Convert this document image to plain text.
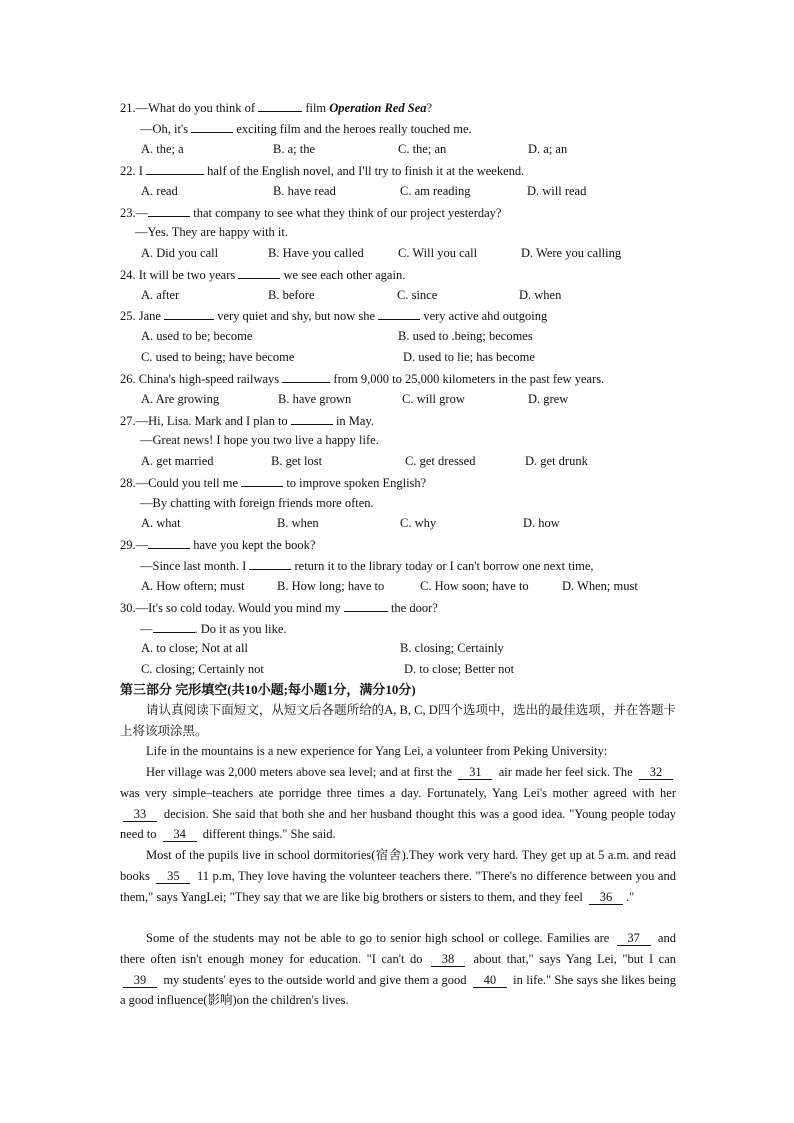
21.—What do you think of	film Operation Red Sea?
—Oh, it's	exciting film and the heroes really touched me.
A. the; a	B. a; the	C. the; an	D. a; an
22. I	half of the English novel, and I'll try to finish it at the weekend.
A. read	B. have read	C. am reading	D. will read
23.—	that company to see what they think of our project yesterday?
—Yes. They are happy with it.
A. Did you call	B. Have you called	C. Will you call	D. Were you calling
24. It will be two years	we see each other again.
A. after	B. before	C. since	D. when
25. Jane	very quiet and shy, but now she	very active ahd outgoing
A. used to be; become	B. used to .being; becomes
C. used to being; have become	D. used to lie; has become
26. China's high-speed railways	from 9,000 to 25,000 kilometers in the past few years.
A. Are growing	B. have grown	C. will grow	D. grew
27.—Hi, Lisa. Mark and I plan to	in May.
—Great news! I hope you two live a happy life.
A. get married	B. get lost	C. get dressed	D. get drunk
28.—Could you tell me	to improve spoken English?
—By chatting with foreign friends more often.
A. what	B. when	C. why	D. how
29.—	have you kept the book?
—Since last month. I	return it to the library today or I can't borrow one next time,
A. How oftern; must	B. How long; have to	C. How soon; have to	D. When; must
30.—It's so cold today. Would you mind my	the door?
—	. Do it as you like.
A. to close; Not at all	B. closing; Certainly
C. closing; Certainly not	D. to close; Better not
第三部分 完形填空(共10小题;每小题1分，满分10分)

请认真阅读下面短文，从短文后各题所给的A, B, C, D四个选项中，选出的最佳选项，并在答题卡上将该项涂黑。

Life in the mountains is a new experience for Yang Lei, a volunteer from Peking University:

Her village was 2,000 meters above sea level; and at first the 31 air made her feel sick. The 32 was very simple–teachers ate porridge three times a day. Fortunately, Yang Lei's mother agreed with her 33 decision. She said that both she and her husband thought this was a good idea. "Young people today need to 34 different things." She said.

Most of the pupils live in school dormitories(宿舍).They work very hard. They get up at 5 a.m. and read books 35 11 p.m, They love having the volunteer teachers there. "There's no difference between you and them," says YangLei; "They say that we are like big brothers or sisters to them, and they feel 36 ."

Some of the students may not be able to go to senior high school or college. Families are 37 and there often isn't enough money for education. "I can't do 38 about that," says Yang Lei, "but I can 39 my students' eyes to the outside world and give them a good 40 in life." She says she likes being a good influence(影响)on the children's lives.
